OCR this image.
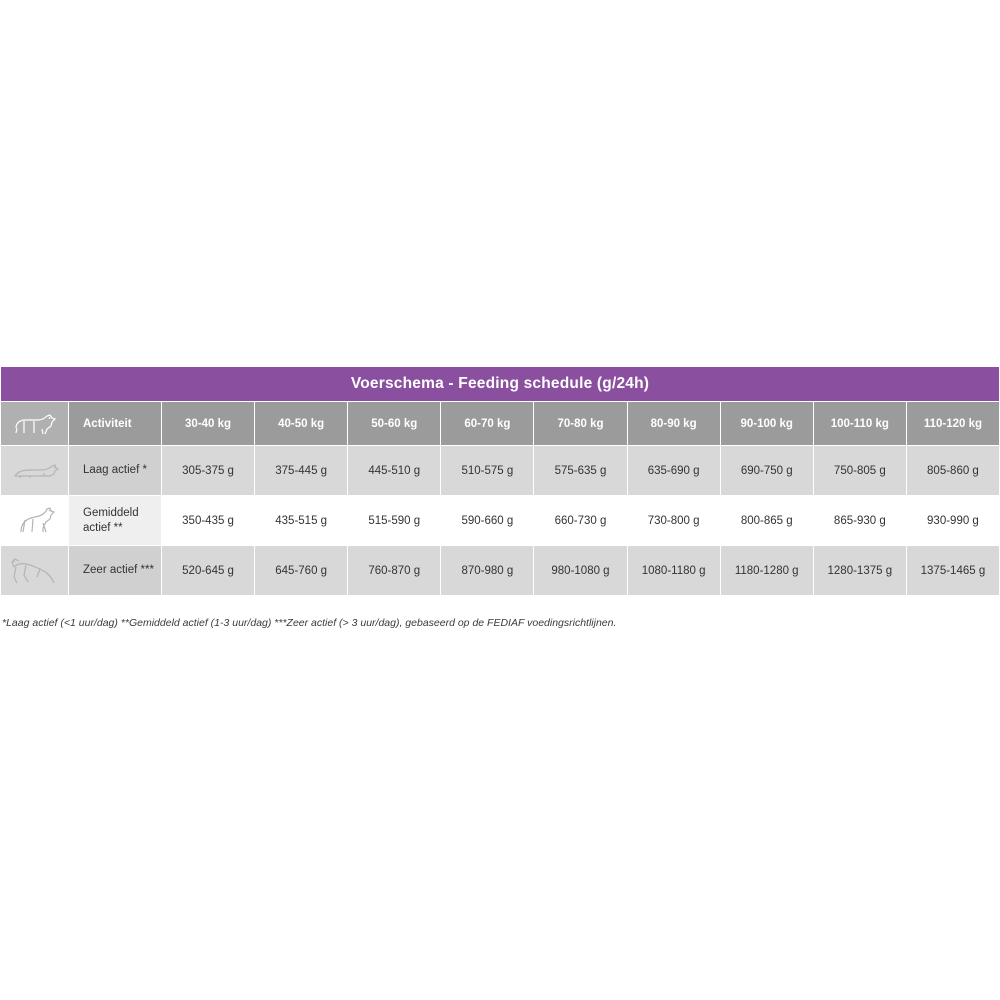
Voerschema - Feeding schedule (g/24h)										

	Activiteit	30-40 kg	40-50 kg	50-60 kg	60-70 kg	70-80 kg	80-90 kg	90-100 kg	100-110 kg	110-120 kg

	Laag actief *	305-375 g	375-445 g	445-510 g	510-575 g	575-635 g	635-690 g	690-750 g	750-805 g	805-860 g

	Gemiddeld actief **	350-435 g	435-515 g	515-590 g	590-660 g	660-730 g	730-800 g	800-865 g	865-930 g	930-990 g

	Zeer actief ***	520-645 g	645-760 g	760-870 g	870-980 g	980-1080 g	1080-1180 g	1180-1280 g	1280-1375 g	1375-1465 g
*Laag actief (<1 uur/dag) **Gemiddeld actief (1-3 uur/dag) ***Zeer actief (> 3 uur/dag), gebaseerd op de FEDIAF voedingsrichtlijnen.
